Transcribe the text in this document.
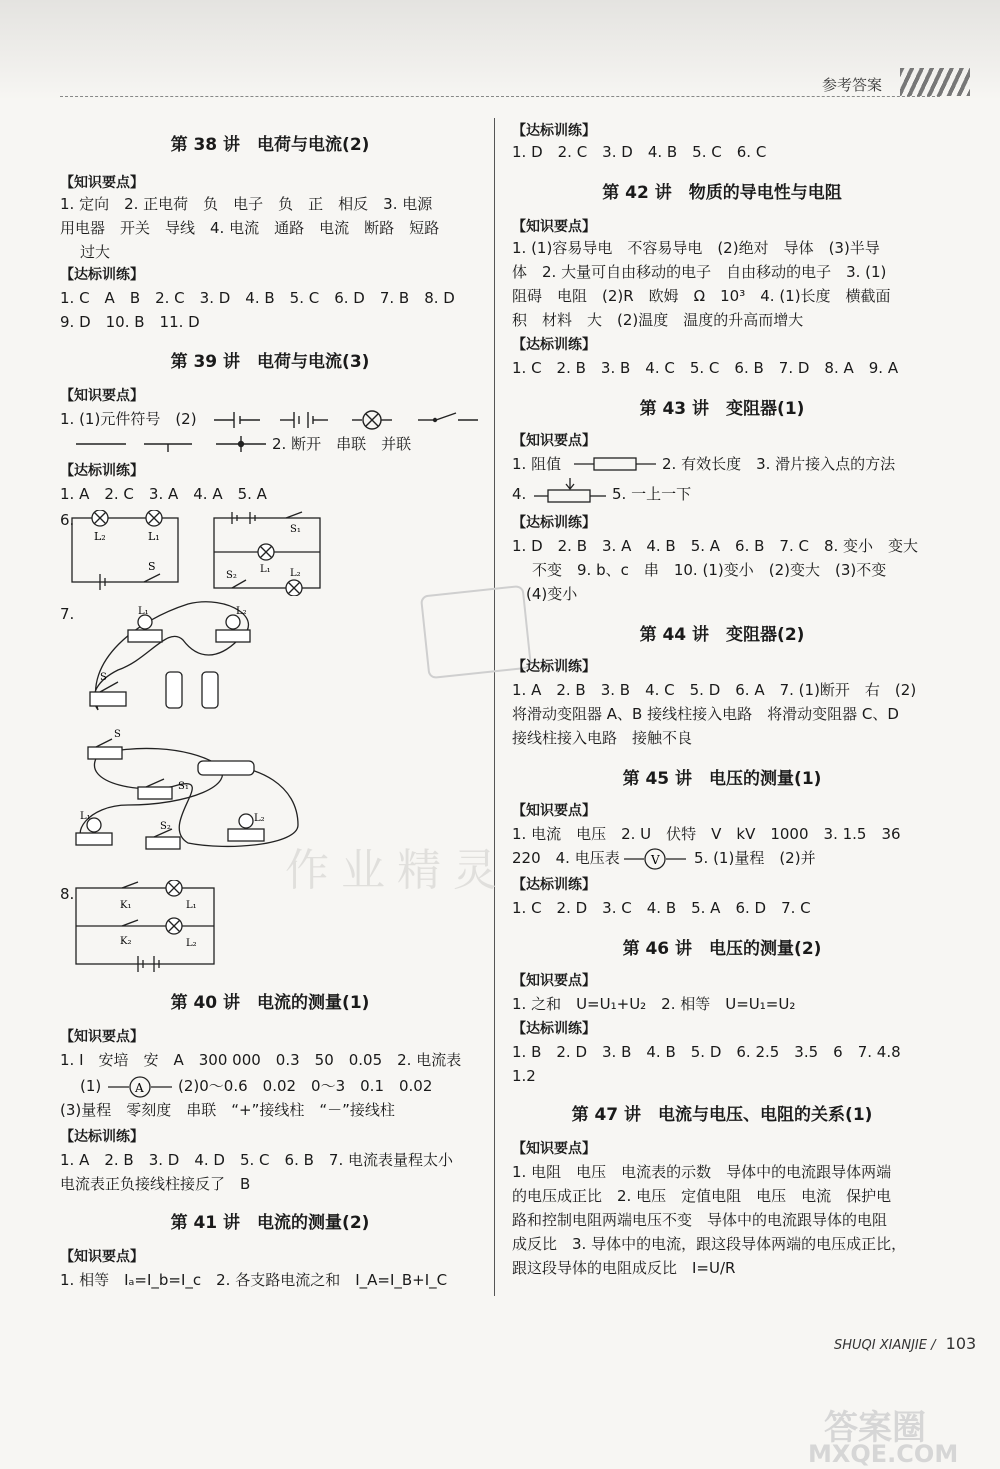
参考答案
作业精灵
第 38 讲　电荷与电流(2)
【知识要点】
1. 定向　2. 正电荷　负　电子　负　正　相反　3. 电源
用电器　开关　导线　4. 电流　通路　电流　断路　短路
过大
【达标训练】
1. C　A　B　2. C　3. D　4. B　5. C　6. D　7. B　8. D
9. D　10. B　11. D
第 39 讲　电荷与电流(3)
【知识要点】
1. (1)元件符号　(2)
2. 断开　串联　并联
【达标训练】
1. A　2. C　3. A　4. A　5. A
6.
L₂	L₁
S
S₁
L₁
S₂	L₂
7.	L₁	L₂
S
S
S₁
L₁
S₂
L₂
8.
K₁	L₁
K₂	L₂
第 40 讲　电流的测量(1)
【知识要点】
1. I　安培　安　A　300 000　0.3　50　0.05　2. 电流表
(1)	A (2)0～0.6　0.02　0～3　0.1　0.02
(3)量程　零刻度　串联　“+”接线柱　“－”接线柱
【达标训练】
1. A　2. B　3. D　4. D　5. C　6. B　7. 电流表量程太小
电流表正负接线柱接反了　B
第 41 讲　电流的测量(2)
【知识要点】
1. 相等　Iₐ=I_b=I_c　2. 各支路电流之和　I_A=I_B+I_C
【达标训练】
1. D　2. C　3. D　4. B　5. C　6. C
第 42 讲　物质的导电性与电阻
【知识要点】
1. (1)容易导电　不容易导电　(2)绝对　导体　(3)半导
体　2. 大量可自由移动的电子　自由移动的电子　3. (1)
阻碍　电阻　(2)R　欧姆　Ω　10³　4. (1)长度　横截面
积　材料　大　(2)温度　温度的升高而增大
【达标训练】
1. C　2. B　3. B　4. C　5. C　6. B　7. D　8. A　9. A
第 43 讲　变阻器(1)
【知识要点】
1. 阻值	2. 有效长度　3. 滑片接入点的方法
4.	5. 一上一下
【达标训练】
1. D　2. B　3. A　4. B　5. A　6. B　7. C　8. 变小　变大
不变　9. b、c　串　10. (1)变小　(2)变大　(3)不变
(4)变小
第 44 讲　变阻器(2)
【达标训练】
1. A　2. B　3. B　4. C　5. D　6. A　7. (1)断开　右　(2)
将滑动变阻器 A、B 接线柱接入电路　将滑动变阻器 C、D
接线柱接入电路　接触不良
第 45 讲　电压的测量(1)
【知识要点】
1. 电流　电压　2. U　伏特　V　kV　1000　3. 1.5　36
220　4. 电压表	V 5. (1)量程　(2)并
【达标训练】
1. C　2. D　3. C　4. B　5. A　6. D　7. C
第 46 讲　电压的测量(2)
【知识要点】
1. 之和　U=U₁+U₂　2. 相等　U=U₁=U₂
【达标训练】
1. B　2. D　3. B　4. B　5. D　6. 2.5　3.5　6　7. 4.8
1.2
第 47 讲　电流与电压、电阻的关系(1)
【知识要点】
1. 电阻　电压　电流表的示数　导体中的电流跟导体两端
的电压成正比　2. 电压　定值电阻　电压　电流　保护电
路和控制电阻两端电压不变　导体中的电流跟导体的电阻
成反比　3. 导体中的电流，跟这段导体两端的电压成正比，
跟这段导体的电阻成反比　I=U/R
SHUQI XIANJIE / 103
答案圈
MXQE.COM
